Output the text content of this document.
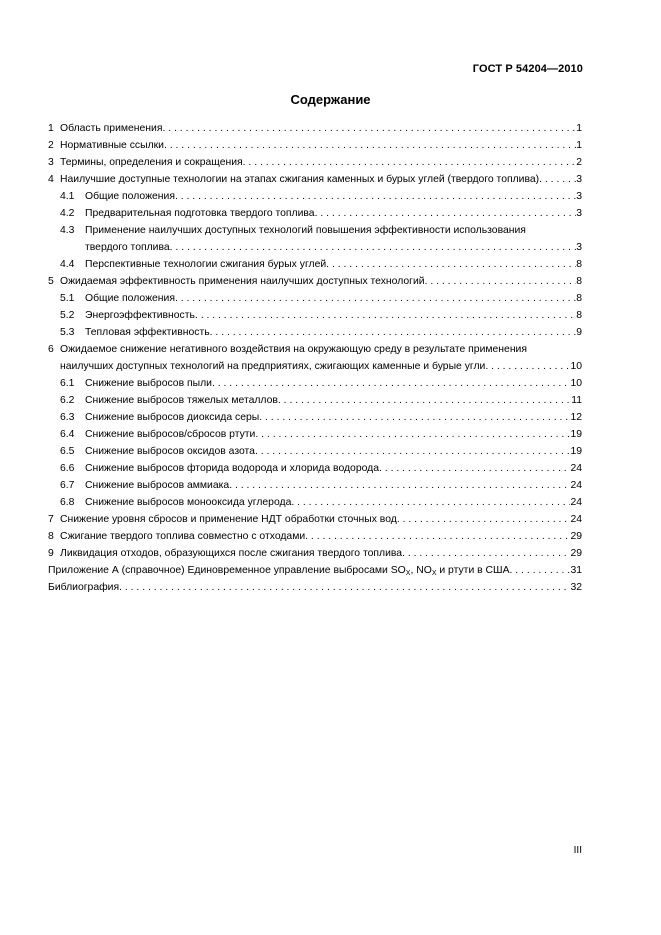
ГОСТ Р 54204—2010
Содержание
1 Область применения . . .	1
2 Нормативные ссылки . . .	1
3 Термины, определения и сокращения . . .	2
4 Наилучшие доступные технологии на этапах сжигания каменных и бурых углей (твердого топлива) . . .	3
4.1	Общие положения . . .	3
4.2	Предварительная подготовка твердого топлива . . .	3
4.3	Применение наилучших доступных технологий повышения эффективности использования
твердого топлива . . .	3
4.4	Перспективные технологии сжигания бурых углей . . .	8
5 Ожидаемая эффективность применения наилучших доступных технологий . . .	8
5.1	Общие положения . . .	8
5.2	Энергоэффективность . . .	8
5.3	Тепловая эффективность . . .	9
6 Ожидаемое снижение негативного воздействия на окружающую среду в результате применения
наилучших доступных технологий на предприятиях, сжигающих каменные и бурые угли . . .	10
6.1	Снижение выбросов пыли . . .	10
6.2	Снижение выбросов тяжелых металлов . . .	11
6.3	Снижение выбросов диоксида серы . . .	12
6.4	Снижение выбросов/сбросов ртути . . .	19
6.5	Снижение выбросов оксидов азота . . .	19
6.6	Снижение выбросов фторида водорода и хлорида водорода . . .	24
6.7	Снижение выбросов аммиака . . .	24
6.8	Снижение выбросов монооксида углерода . . .	24
7 Снижение уровня сбросов и применение НДТ обработки сточных вод . . .	24
8 Сжигание твердого топлива совместно с отходами . . .	29
9 Ликвидация отходов, образующихся после сжигания твердого топлива . . .	29
Приложение А (справочное) Единовременное управление выбросами $SO_X$, $NO_X$ и ртути в США . . .	31
Библиография . . .	32
III
